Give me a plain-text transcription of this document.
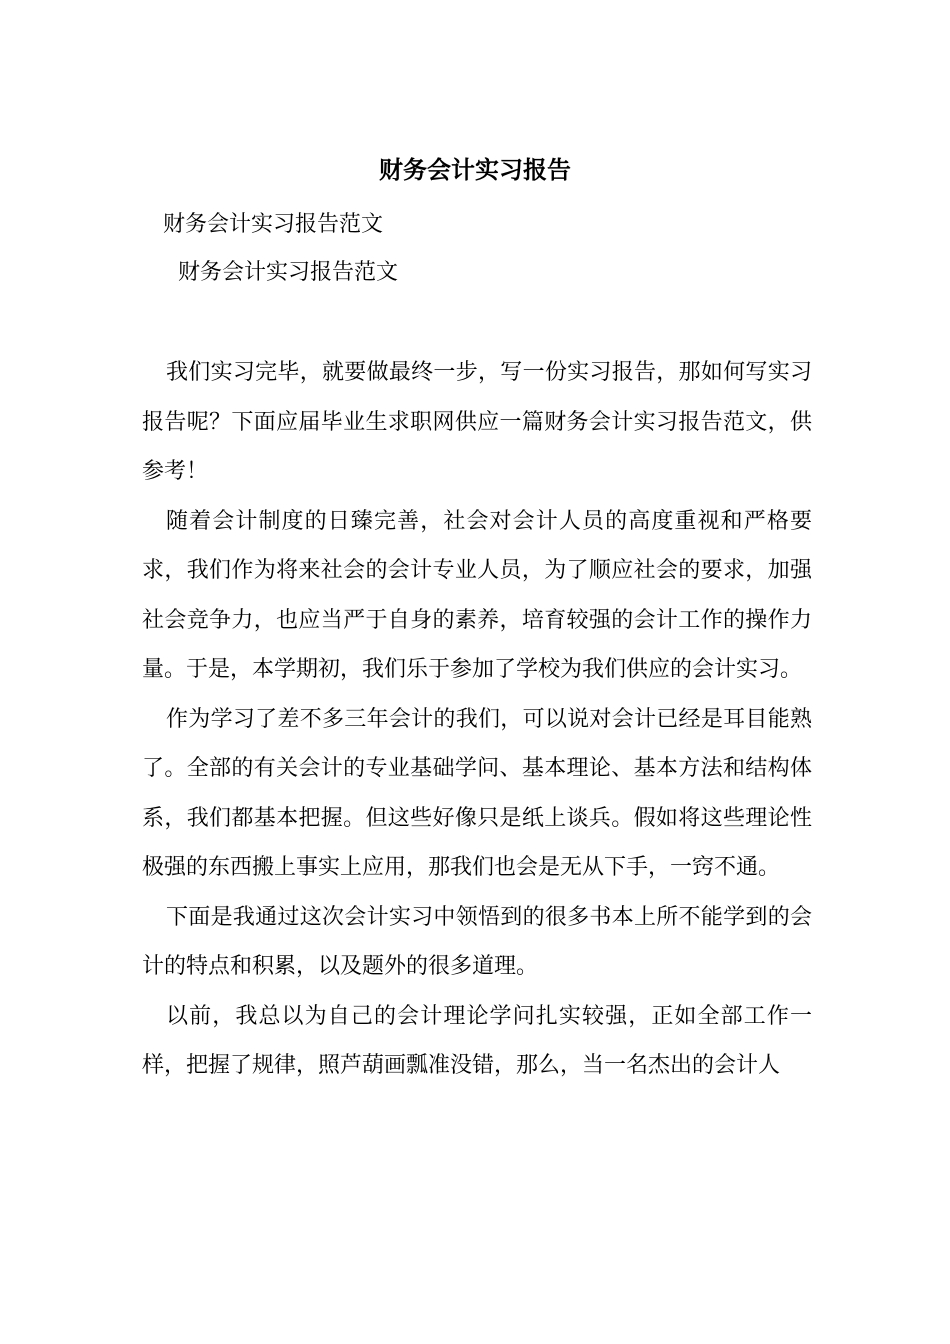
财务会计实习报告

财务会计实习报告范文

财务会计实习报告范文

我们实习完毕，就要做最终一步，写一份实习报告，那如何写实习报告呢？下面应届毕业生求职网供应一篇财务会计实习报告范文，供参考！

随着会计制度的日臻完善，社会对会计人员的高度重视和严格要求，我们作为将来社会的会计专业人员，为了顺应社会的要求，加强社会竞争力，也应当严于自身的素养，培育较强的会计工作的操作力量。于是，本学期初，我们乐于参加了学校为我们供应的会计实习。

作为学习了差不多三年会计的我们，可以说对会计已经是耳目能熟了。全部的有关会计的专业基础学问、基本理论、基本方法和结构体系，我们都基本把握。但这些好像只是纸上谈兵。假如将这些理论性极强的东西搬上事实上应用，那我们也会是无从下手，一窍不通。

下面是我通过这次会计实习中领悟到的很多书本上所不能学到的会计的特点和积累，以及题外的很多道理。

以前，我总以为自己的会计理论学问扎实较强，正如全部工作一样，把握了规律，照芦葫画瓢准没错，那么，当一名杰出的会计人
